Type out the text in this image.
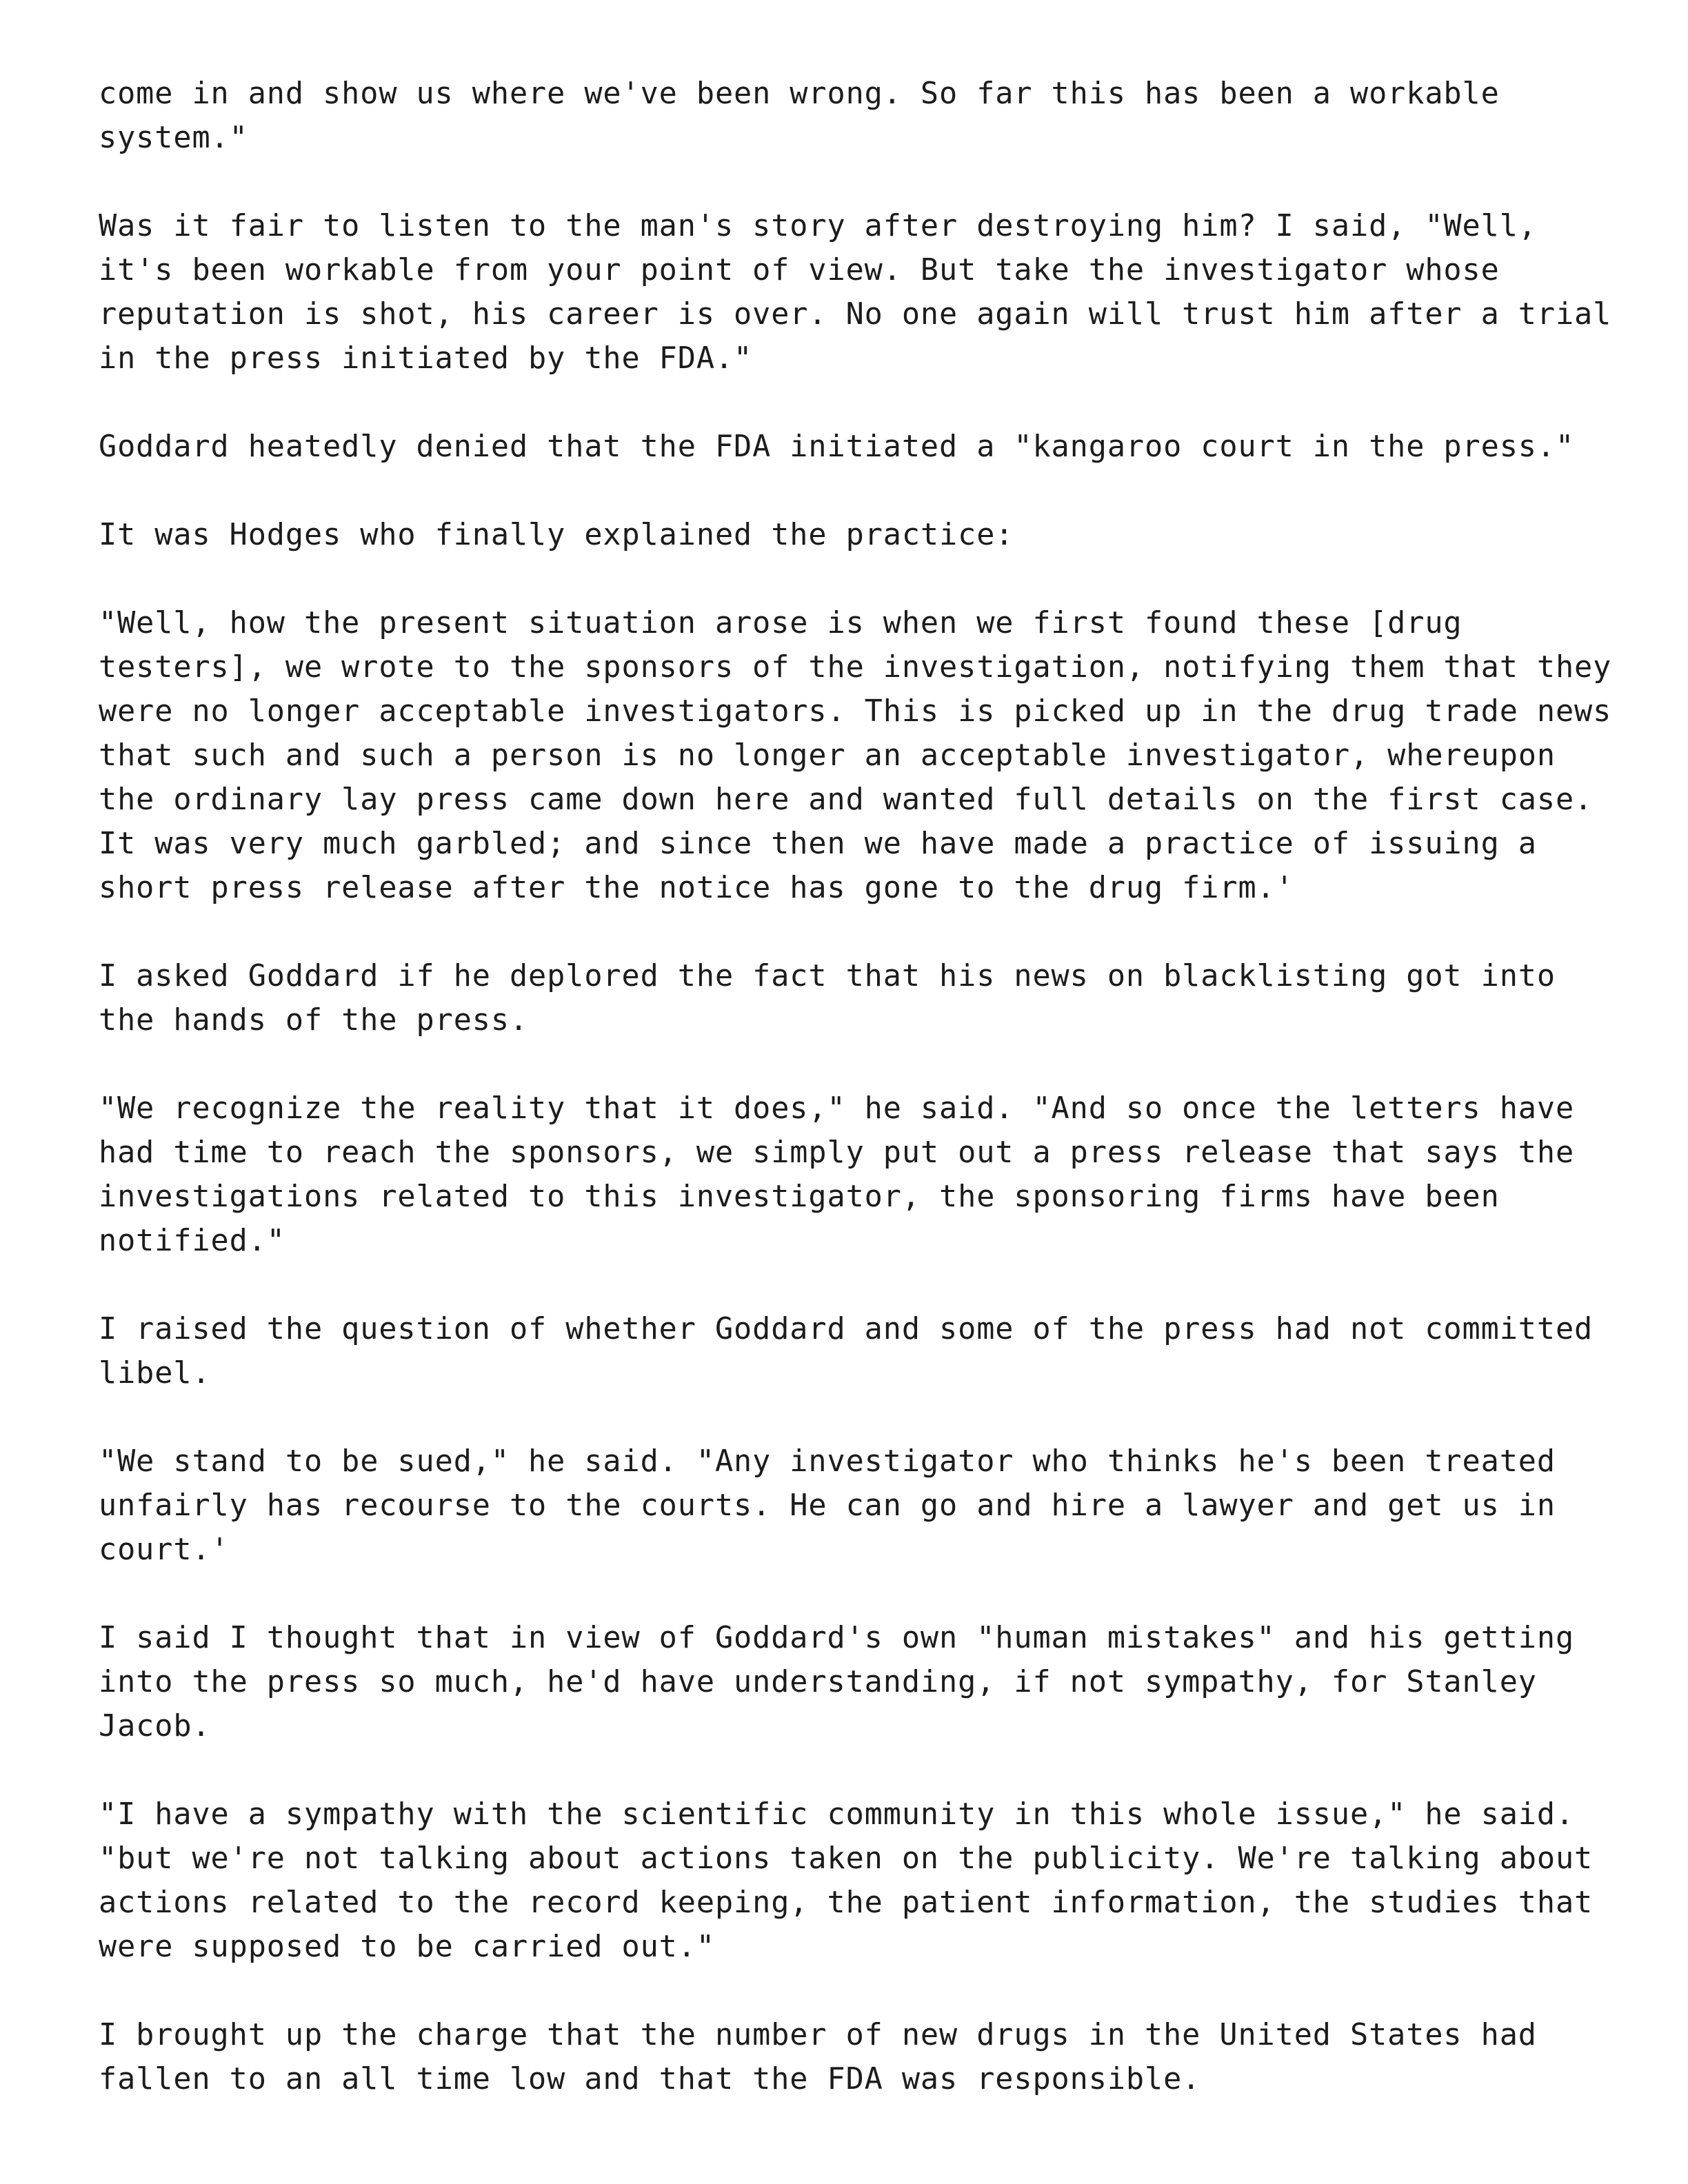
come in and show us where we've been wrong. So far this has been a workable
system."

Was it fair to listen to the man's story after destroying him? I said, "Well,
it's been workable from your point of view. But take the investigator whose
reputation is shot, his career is over. No one again will trust him after a trial
in the press initiated by the FDA."

Goddard heatedly denied that the FDA initiated a "kangaroo court in the press."

It was Hodges who finally explained the practice:

"Well, how the present situation arose is when we first found these [drug
testers], we wrote to the sponsors of the investigation, notifying them that they
were no longer acceptable investigators. This is picked up in the drug trade news
that such and such a person is no longer an acceptable investigator, whereupon
the ordinary lay press came down here and wanted full details on the first case.
It was very much garbled; and since then we have made a practice of issuing a
short press release after the notice has gone to the drug firm.'

I asked Goddard if he deplored the fact that his news on blacklisting got into
the hands of the press.

"We recognize the reality that it does," he said. "And so once the letters have
had time to reach the sponsors, we simply put out a press release that says the
investigations related to this investigator, the sponsoring firms have been
notified."

I raised the question of whether Goddard and some of the press had not committed
libel.

"We stand to be sued," he said. "Any investigator who thinks he's been treated
unfairly has recourse to the courts. He can go and hire a lawyer and get us in
court.'

I said I thought that in view of Goddard's own "human mistakes" and his getting
into the press so much, he'd have understanding, if not sympathy, for Stanley
Jacob.

"I have a sympathy with the scientific community in this whole issue," he said.
"but we're not talking about actions taken on the publicity. We're talking about
actions related to the record keeping, the patient information, the studies that
were supposed to be carried out."

I brought up the charge that the number of new drugs in the United States had
fallen to an all time low and that the FDA was responsible.
